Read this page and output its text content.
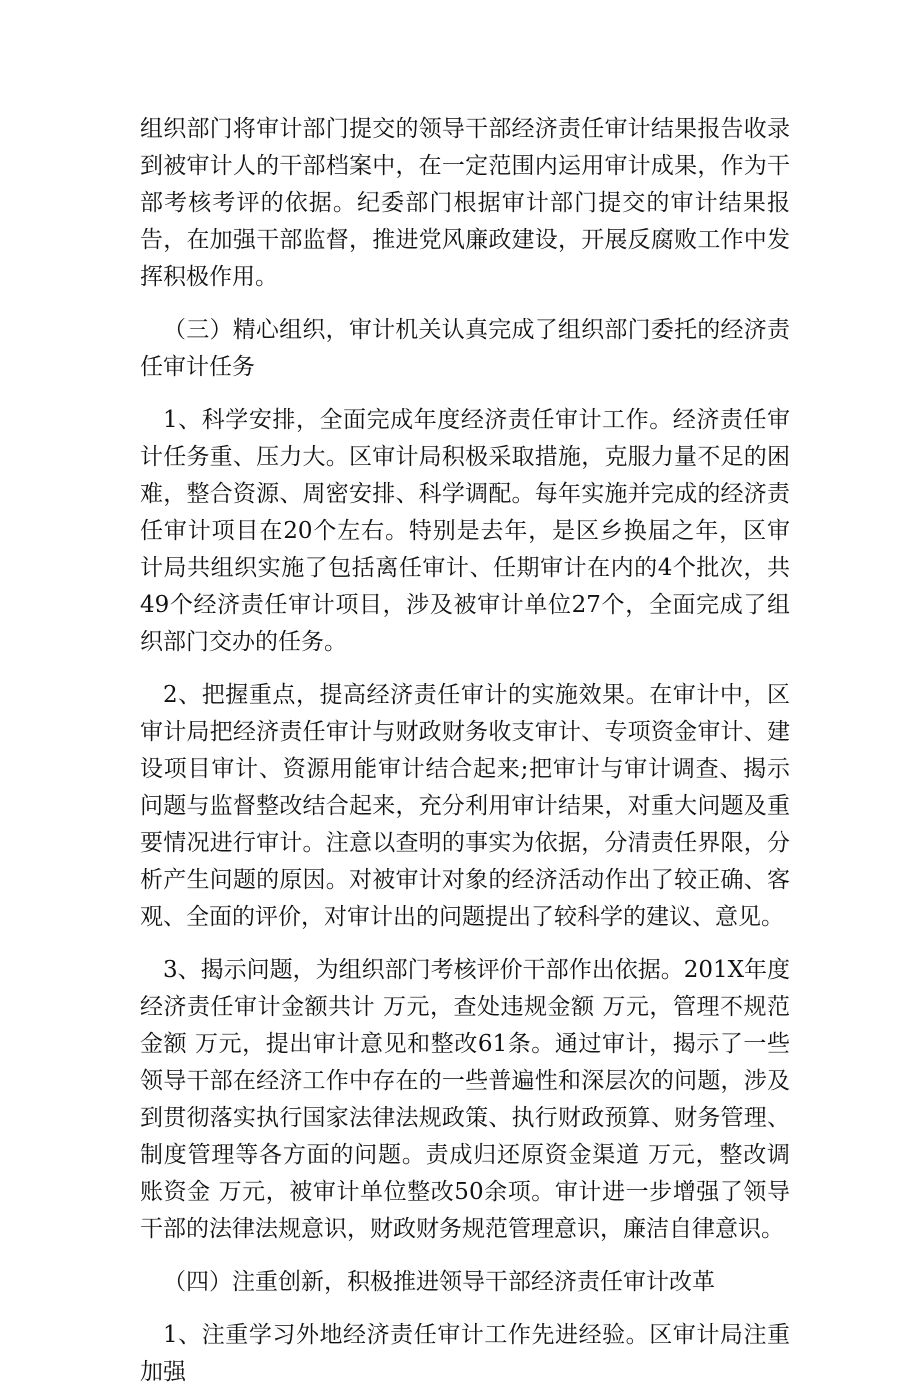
组织部门将审计部门提交的领导干部经济责任审计结果报告收录到被审计人的干部档案中，在一定范围内运用审计成果，作为干部考核考评的依据。纪委部门根据审计部门提交的审计结果报告，在加强干部监督，推进党风廉政建设，开展反腐败工作中发挥积极作用。

（三）精心组织，审计机关认真完成了组织部门委托的经济责任审计任务

1、科学安排，全面完成年度经济责任审计工作。经济责任审计任务重、压力大。区审计局积极采取措施，克服力量不足的困难，整合资源、周密安排、科学调配。每年实施并完成的经济责任审计项目在20个左右。特别是去年，是区乡换届之年，区审计局共组织实施了包括离任审计、任期审计在内的4个批次，共49个经济责任审计项目，涉及被审计单位27个，全面完成了组织部门交办的任务。

2、把握重点，提高经济责任审计的实施效果。在审计中，区审计局把经济责任审计与财政财务收支审计、专项资金审计、建设项目审计、资源用能审计结合起来;把审计与审计调查、揭示问题与监督整改结合起来，充分利用审计结果，对重大问题及重要情况进行审计。注意以查明的事实为依据，分清责任界限，分析产生问题的原因。对被审计对象的经济活动作出了较正确、客观、全面的评价，对审计出的问题提出了较科学的建议、意见。

3、揭示问题，为组织部门考核评价干部作出依据。201X年度经济责任审计金额共计 万元，查处违规金额 万元，管理不规范金额 万元，提出审计意见和整改61条。通过审计，揭示了一些领导干部在经济工作中存在的一些普遍性和深层次的问题，涉及到贯彻落实执行国家法律法规政策、执行财政预算、财务管理、制度管理等各方面的问题。责成归还原资金渠道 万元，整改调账资金 万元，被审计单位整改50余项。审计进一步增强了领导干部的法律法规意识，财政财务规范管理意识，廉洁自律意识。

（四）注重创新，积极推进领导干部经济责任审计改革

1、注重学习外地经济责任审计工作先进经验。区审计局注重加强
